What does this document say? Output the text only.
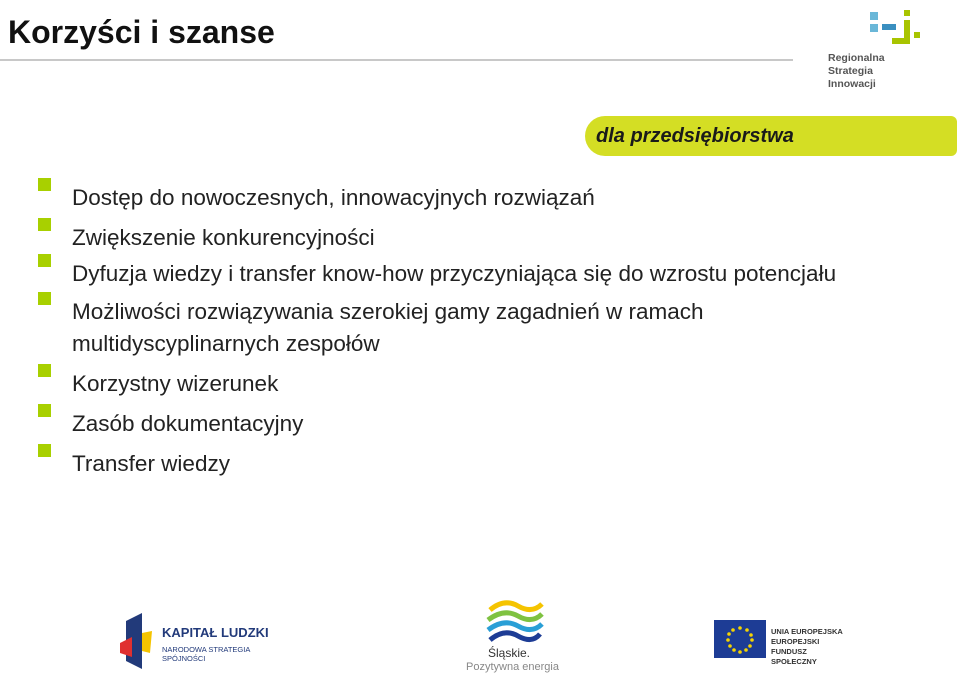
Korzyści i szanse
Regionalna
Strategia
Innowacji
dla przedsiębiorstwa
Dostęp do nowoczesnych, innowacyjnych rozwiązań
Zwiększenie konkurencyjności
Dyfuzja wiedzy i transfer know-how przyczyniająca się do wzrostu potencjału
Możliwości rozwiązywania szerokiej gamy zagadnień w ramach multidyscyplinarnych zespołów
Korzystny wizerunek
Zasób dokumentacyjny
Transfer wiedzy
KAPITAŁ LUDZKI
NARODOWA STRATEGIA SPÓJNOŚCI	Śląskie.
Pozytywna energia
UNIA EUROPEJSKA
EUROPEJSKI
FUNDUSZ SPOŁECZNY
